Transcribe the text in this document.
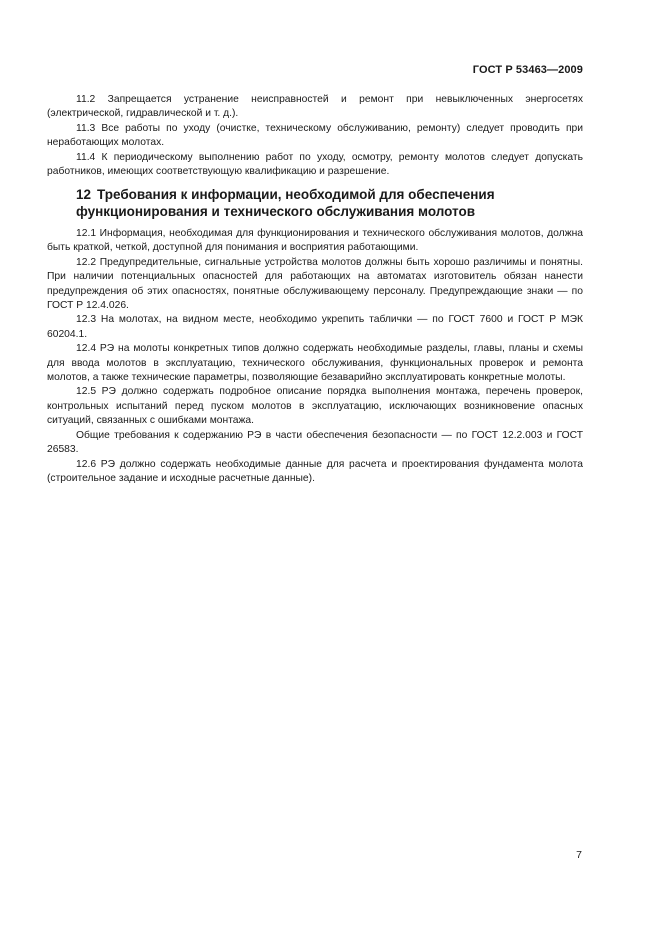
ГОСТ Р 53463—2009

11.2 Запрещается устранение неисправностей и ремонт при невыключенных энергосетях (электрической, гидравлической и т. д.).

11.3 Все работы по уходу (очистке, техническому обслуживанию, ремонту) следует проводить при неработающих молотах.

11.4 К периодическому выполнению работ по уходу, осмотру, ремонту молотов следует допускать работников, имеющих соответствующую квалификацию и разрешение.

12 Требования к информации, необходимой для обеспечения функционирования и технического обслуживания молотов

12.1 Информация, необходимая для функционирования и технического обслуживания молотов, должна быть краткой, четкой, доступной для понимания и восприятия работающими.

12.2 Предупредительные, сигнальные устройства молотов должны быть хорошо различимы и понятны. При наличии потенциальных опасностей для работающих на автоматах изготовитель обязан нанести предупреждения об этих опасностях, понятные обслуживающему персоналу. Предупреждающие знаки — по ГОСТ Р 12.4.026.

12.3 На молотах, на видном месте, необходимо укрепить таблички — по ГОСТ 7600 и ГОСТ Р МЭК 60204.1.

12.4 РЭ на молоты конкретных типов должно содержать необходимые разделы, главы, планы и схемы для ввода молотов в эксплуатацию, технического обслуживания, функциональных проверок и ремонта молотов, а также технические параметры, позволяющие безаварийно эксплуатировать конкретные молоты.

12.5 РЭ должно содержать подробное описание порядка выполнения монтажа, перечень проверок, контрольных испытаний перед пуском молотов в эксплуатацию, исключающих возникновение опасных ситуаций, связанных с ошибками монтажа.

Общие требования к содержанию РЭ в части обеспечения безопасности — по ГОСТ 12.2.003 и ГОСТ 26583.

12.6 РЭ должно содержать необходимые данные для расчета и проектирования фундамента молота (строительное задание и исходные расчетные данные).

7
